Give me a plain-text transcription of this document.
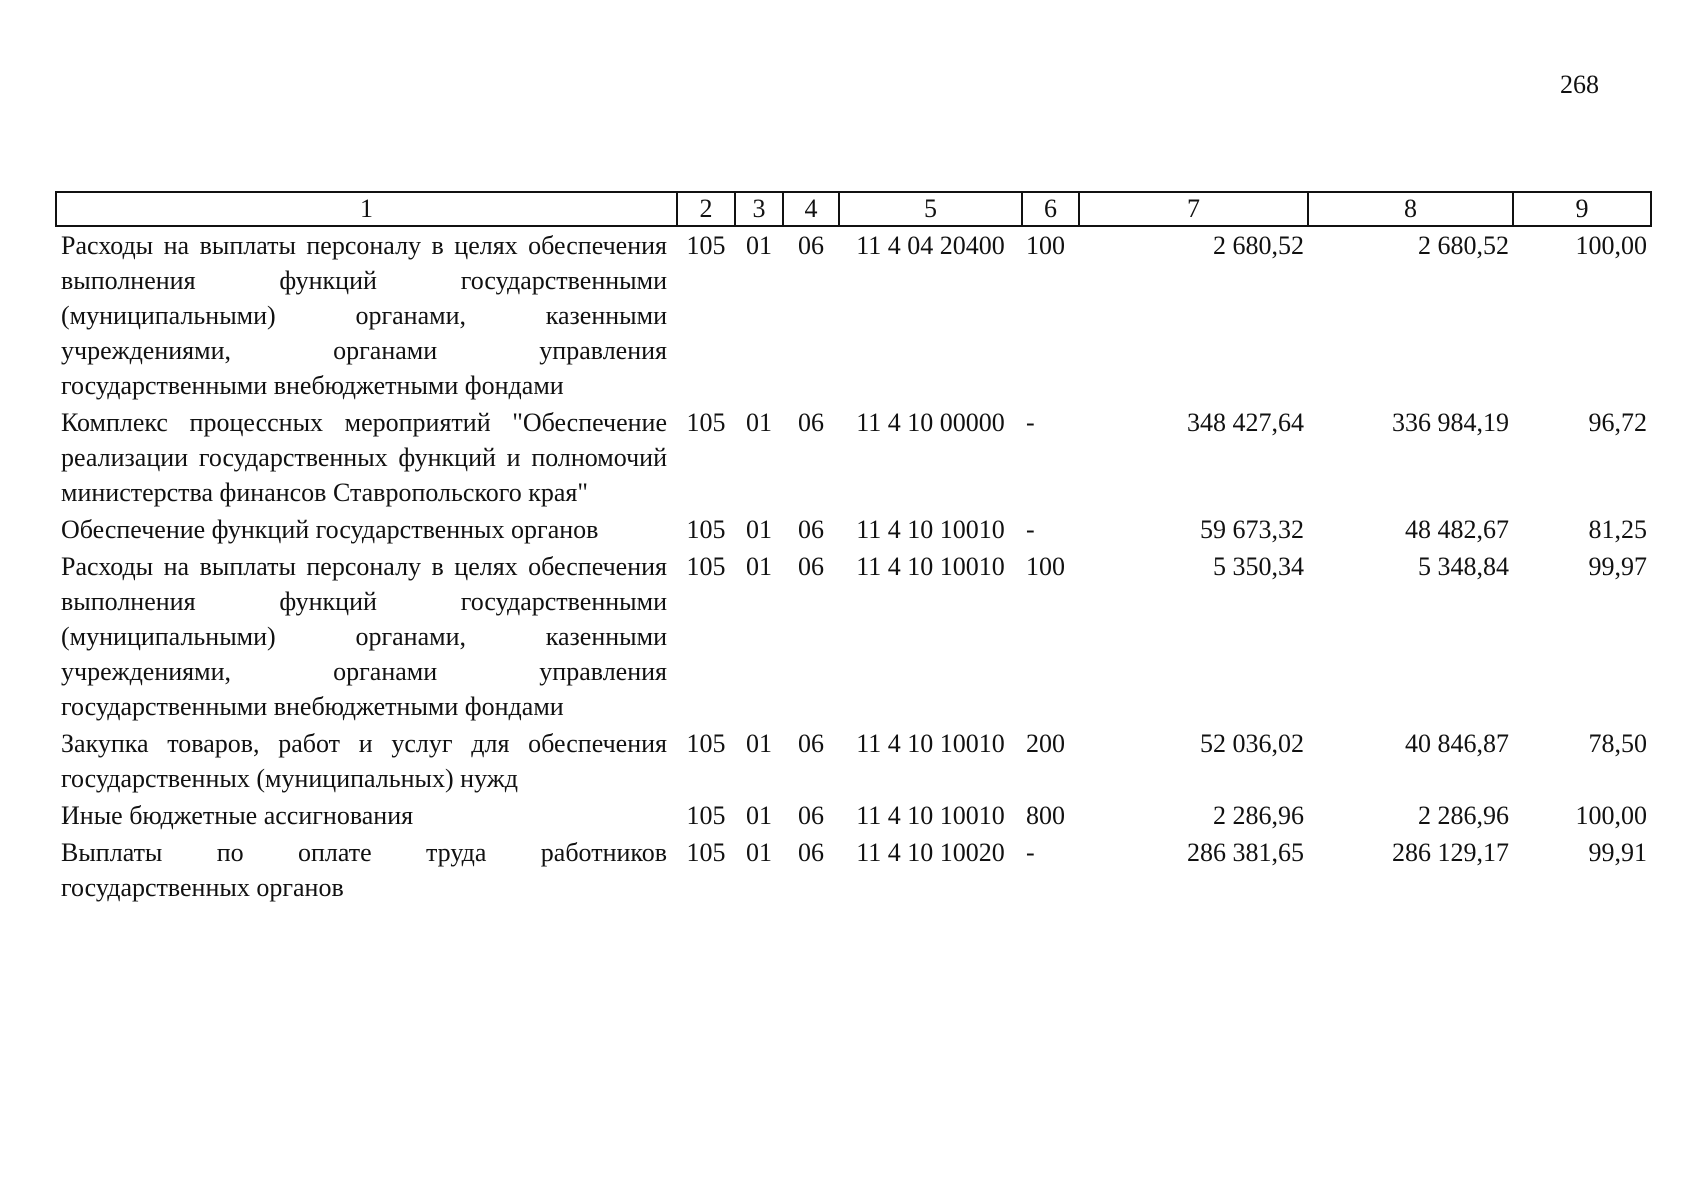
268
1	2	3	4	5	6	7	8	9
Расходы на выплаты персоналу в целях обеспечения выполнения функций государственными (муниципальными) органами, казенными учреждениями, органами управления государственными внебюджетными фондами	105	01	06	11 4 04 20400	100	2 680,52	2 680,52	100,00
Комплекс процессных мероприятий "Обеспечение реализации государственных функций и полномочий министерства финансов Ставропольского края"	105	01	06	11 4 10 00000	-	348 427,64	336 984,19	96,72
Обеспечение функций государственных органов	105	01	06	11 4 10 10010	-	59 673,32	48 482,67	81,25
Расходы на выплаты персоналу в целях обеспечения выполнения функций государственными (муниципальными) органами, казенными учреждениями, органами управления государственными внебюджетными фондами	105	01	06	11 4 10 10010	100	5 350,34	5 348,84	99,97
Закупка товаров, работ и услуг для обеспечения государственных (муниципальных) нужд	105	01	06	11 4 10 10010	200	52 036,02	40 846,87	78,50
Иные бюджетные ассигнования	105	01	06	11 4 10 10010	800	2 286,96	2 286,96	100,00
Выплаты по оплате труда работников государственных органов	105	01	06	11 4 10 10020	-	286 381,65	286 129,17	99,91
